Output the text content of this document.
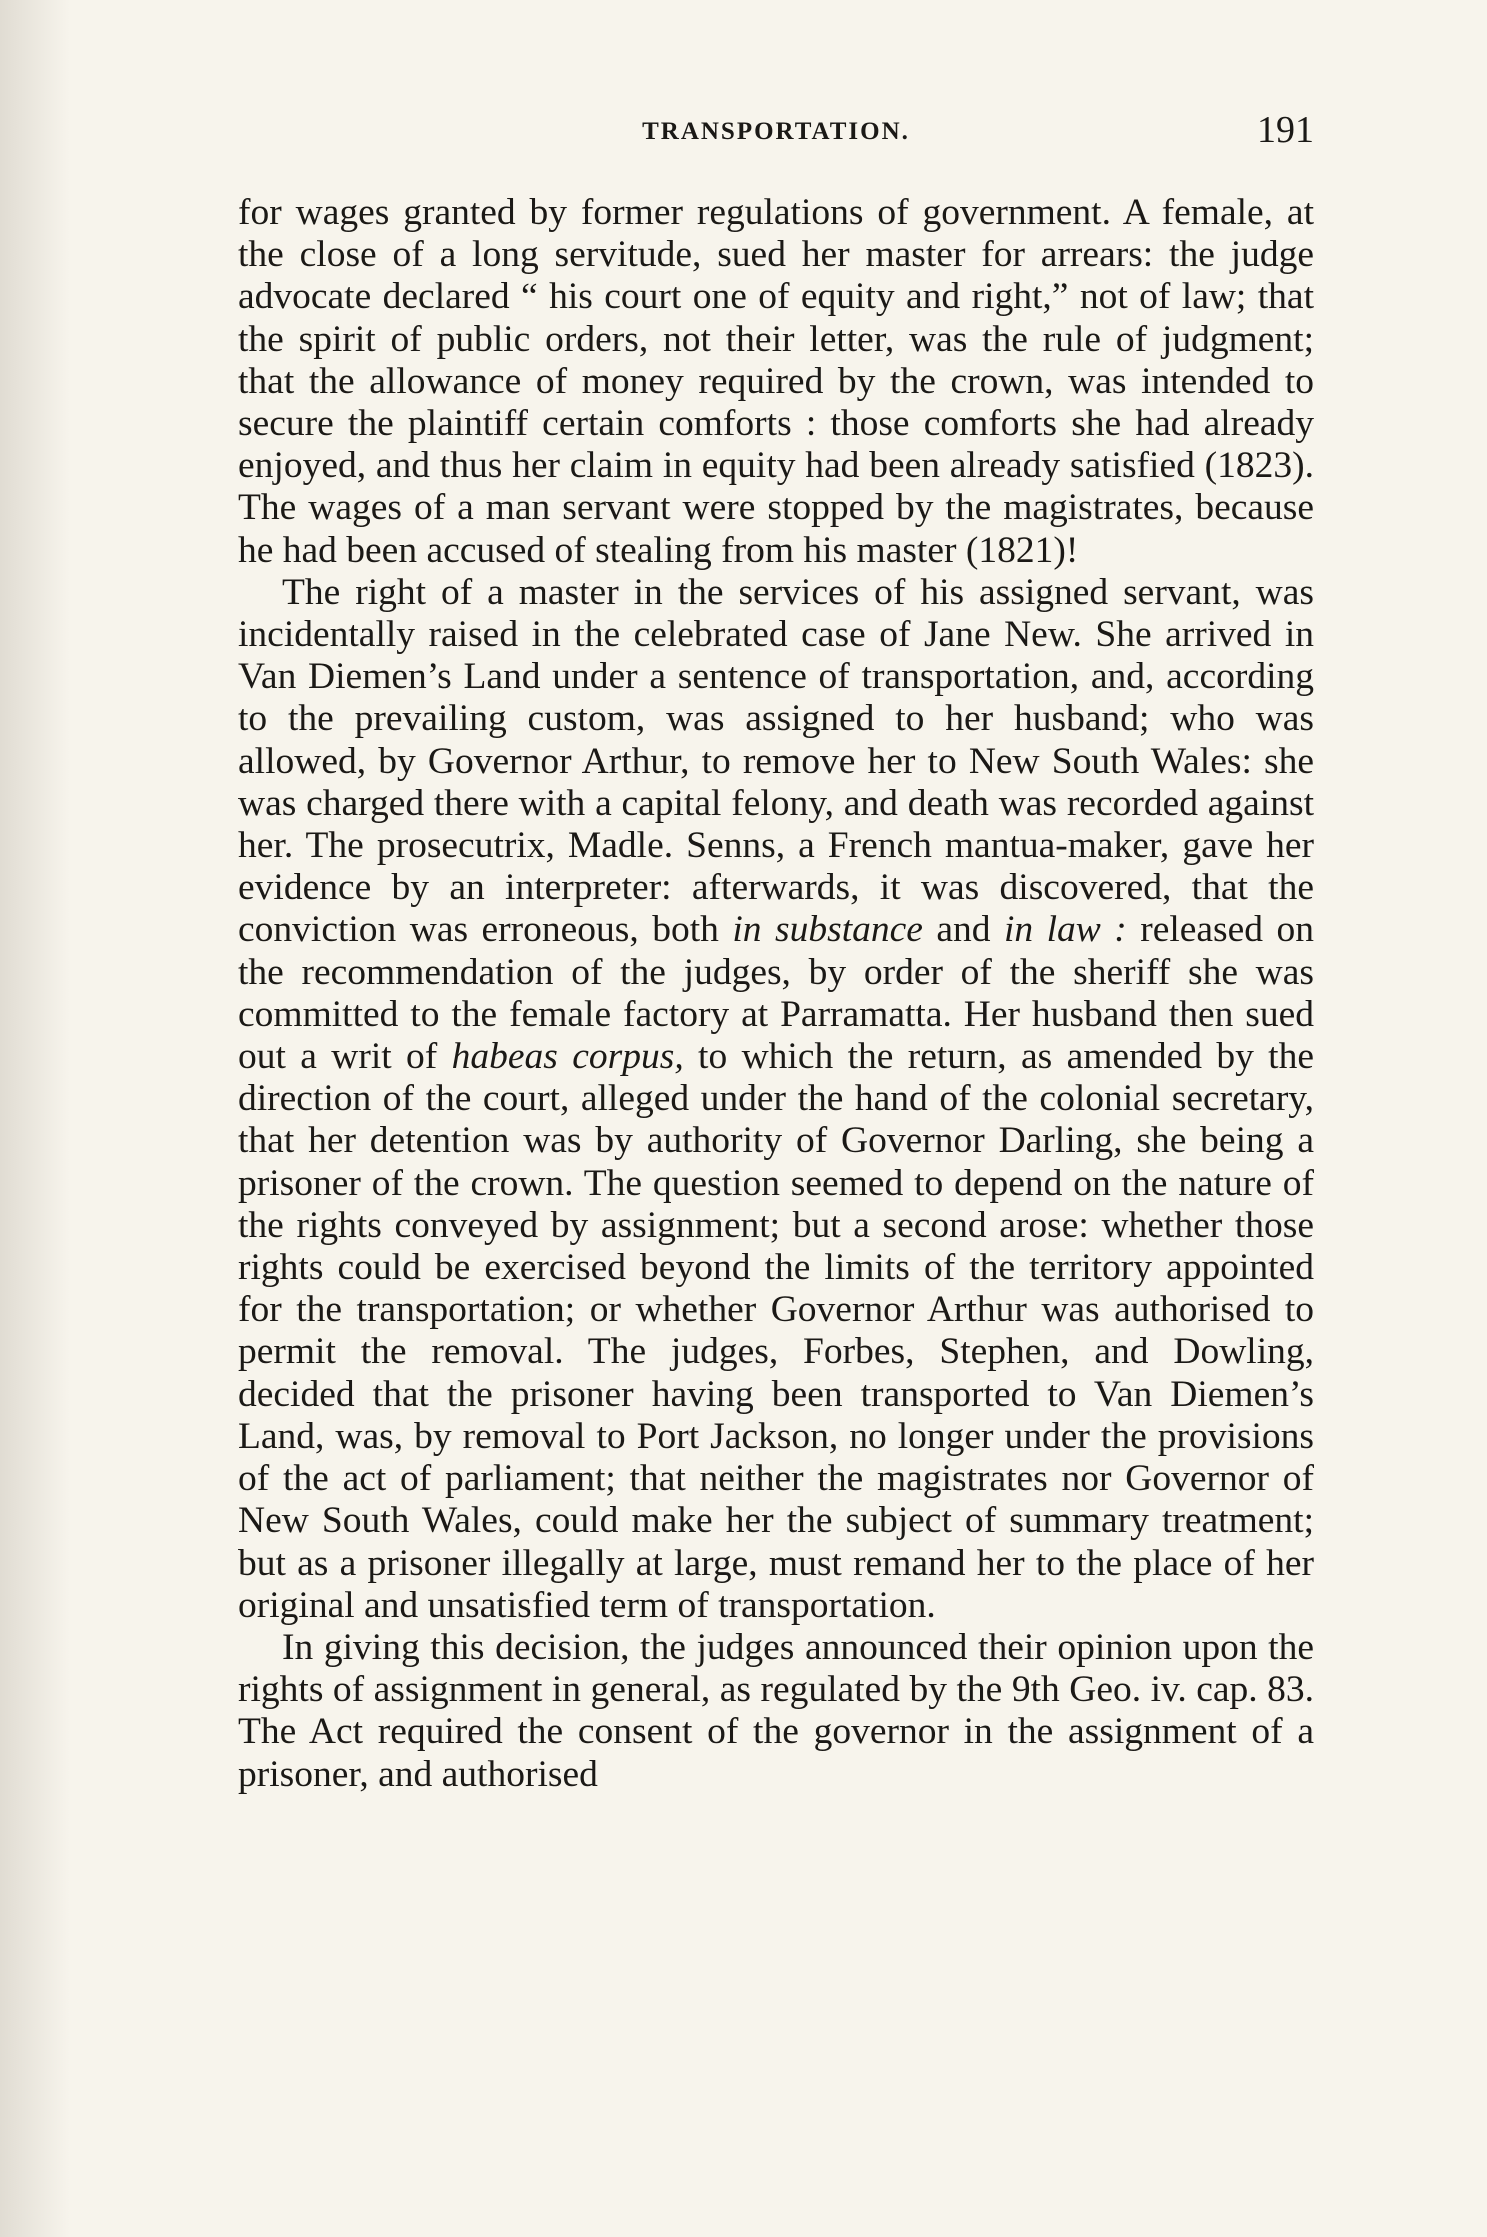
TRANSPORTATION.	191

for wages granted by former regulations of government. A female, at the close of a long servitude, sued her master for arrears: the judge advocate declared “ his court one of equity and right,” not of law; that the spirit of public orders, not their letter, was the rule of judgment; that the allowance of money required by the crown, was intended to secure the plaintiff certain comforts : those comforts she had already enjoyed, and thus her claim in equity had been already satisfied (1823). The wages of a man servant were stopped by the magistrates, because he had been accused of stealing from his master (1821)!

The right of a master in the services of his assigned servant, was incidentally raised in the celebrated case of Jane New. She arrived in Van Diemen’s Land under a sentence of transportation, and, according to the prevailing custom, was assigned to her husband; who was allowed, by Governor Arthur, to remove her to New South Wales: she was charged there with a capital felony, and death was recorded against her. The prosecutrix, Madle. Senns, a French mantua-maker, gave her evidence by an interpreter: afterwards, it was discovered, that the conviction was erroneous, both in substance and in law : released on the recommendation of the judges, by order of the sheriff she was committed to the female factory at Parramatta. Her husband then sued out a writ of habeas corpus, to which the return, as amended by the direction of the court, alleged under the hand of the colonial secretary, that her detention was by authority of Governor Darling, she being a prisoner of the crown. The question seemed to depend on the nature of the rights conveyed by assignment; but a second arose: whether those rights could be exercised beyond the limits of the territory appointed for the transportation; or whether Governor Arthur was authorised to permit the removal. The judges, Forbes, Stephen, and Dowling, decided that the prisoner having been transported to Van Diemen’s Land, was, by removal to Port Jackson, no longer under the provisions of the act of parliament; that neither the magistrates nor Governor of New South Wales, could make her the subject of summary treatment; but as a prisoner illegally at large, must remand her to the place of her original and unsatisfied term of transportation.

In giving this decision, the judges announced their opinion upon the rights of assignment in general, as regulated by the 9th Geo. iv. cap. 83. The Act required the consent of the governor in the assignment of a prisoner, and authorised
